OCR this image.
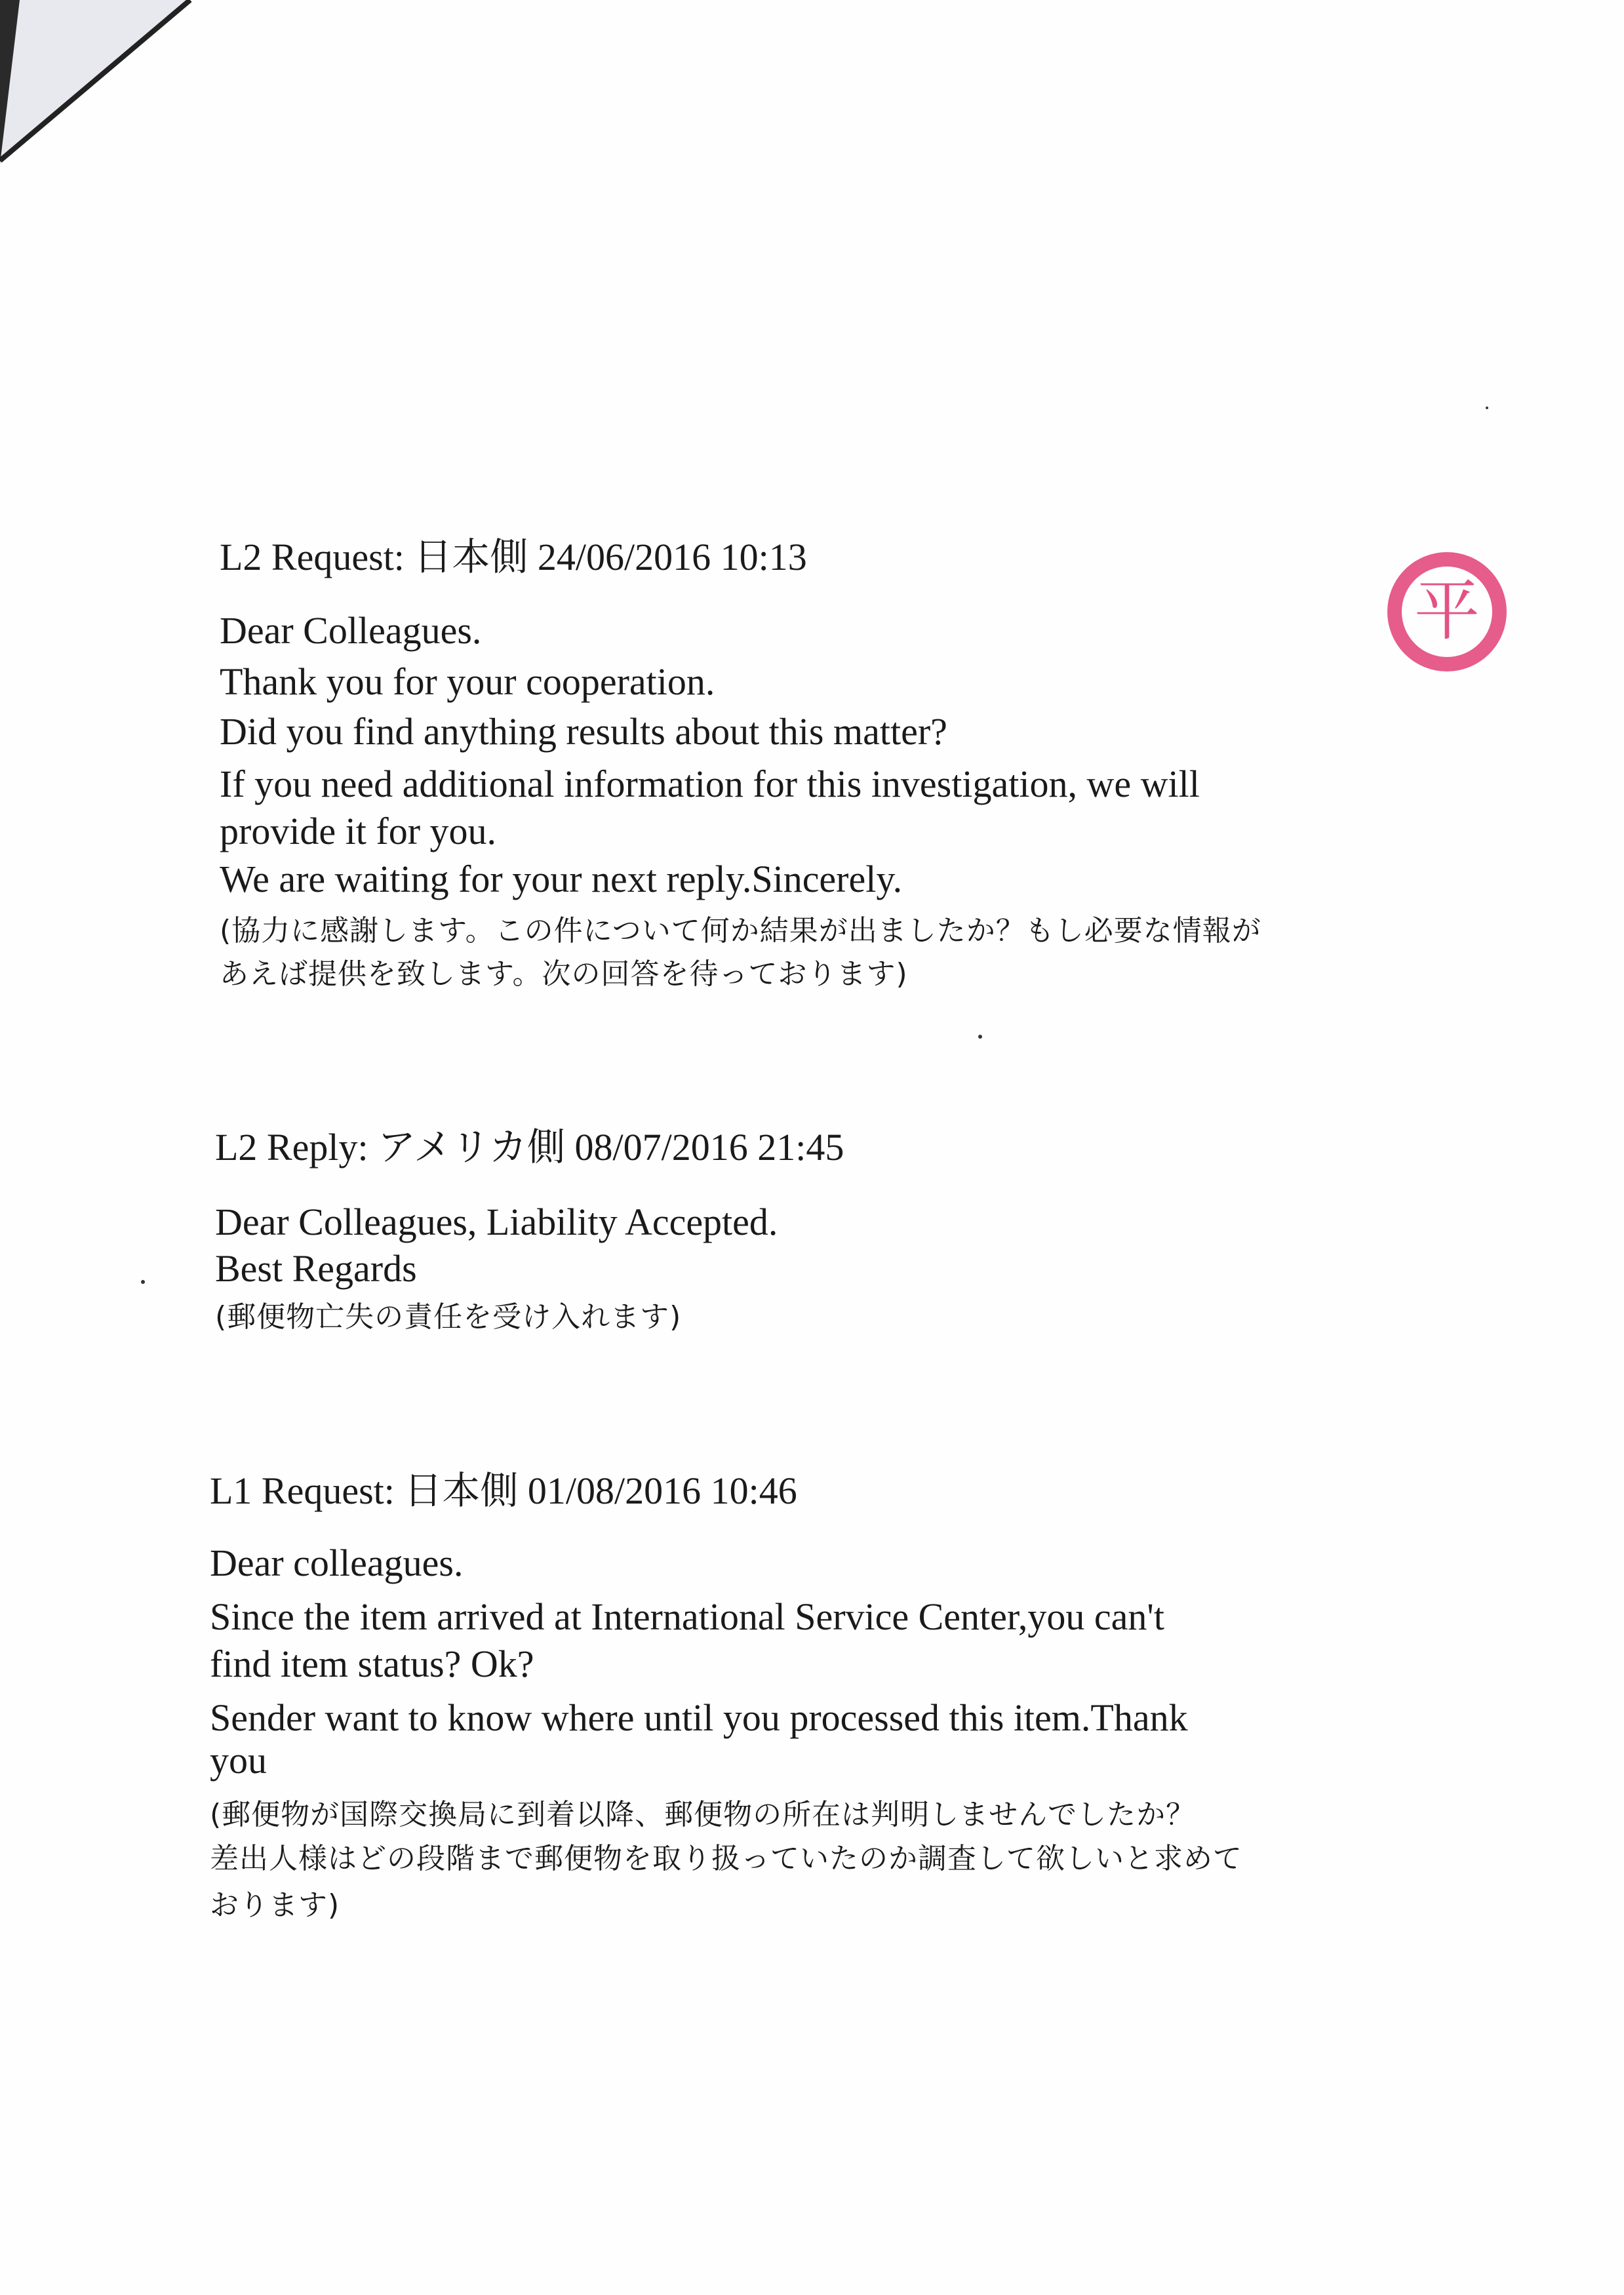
平
L2 Request: 日本側 24/06/2016 10:13
Dear Colleagues.
Thank you for your cooperation.
Did you find anything results about this matter?
If you need additional information for this investigation, we will
provide it for you.
We are waiting for your next reply.Sincerely.
(協力に感謝します。この件について何か結果が出ましたか？もし必要な情報が
あえば提供を致します。次の回答を待っております)
L2 Reply: アメリカ側 08/07/2016 21:45
Dear Colleagues, Liability Accepted.
Best Regards
(郵便物亡失の責任を受け入れます)
L1 Request: 日本側 01/08/2016 10:46
Dear colleagues.
Since the item arrived at International Service Center,you can't
find item status? Ok?
Sender want to know where until you processed this item.Thank
you
(郵便物が国際交換局に到着以降、郵便物の所在は判明しませんでしたか？
差出人様はどの段階まで郵便物を取り扱っていたのか調査して欲しいと求めて
おります)
